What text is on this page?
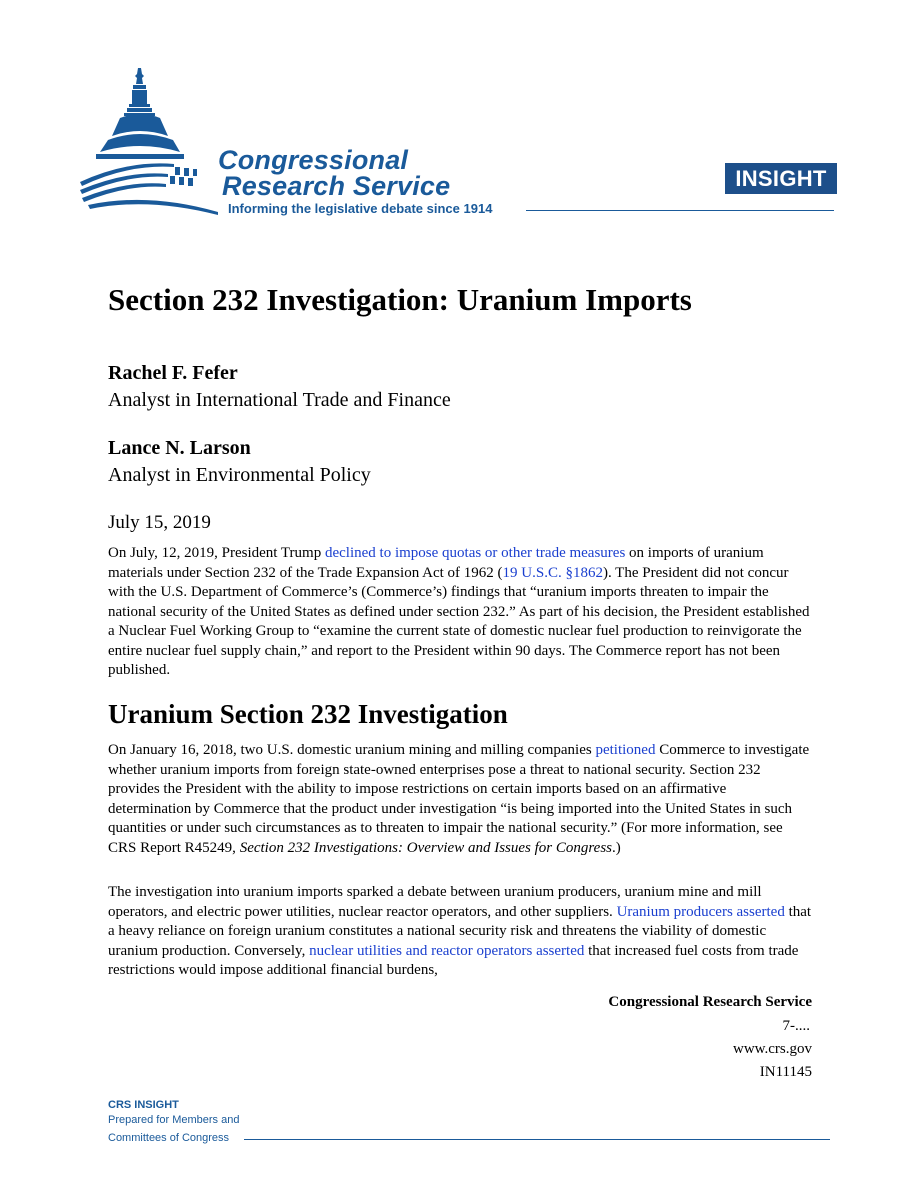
Congressional
Research Service
Informing the legislative debate since 1914
INSIGHT
Section 232 Investigation: Uranium Imports
Rachel F. Fefer
Analyst in International Trade and Finance
Lance N. Larson
Analyst in Environmental Policy
July 15, 2019

On July, 12, 2019, President Trump declined to impose quotas or other trade measures on imports of uranium materials under Section 232 of the Trade Expansion Act of 1962 (19 U.S.C. §1862). The President did not concur with the U.S. Department of Commerce’s (Commerce’s) findings that “uranium imports threaten to impair the national security of the United States as defined under section 232.” As part of his decision, the President established a Nuclear Fuel Working Group to “examine the current state of domestic nuclear fuel production to reinvigorate the entire nuclear fuel supply chain,” and report to the President within 90 days. The Commerce report has not been published.

Uranium Section 232 Investigation

On January 16, 2018, two U.S. domestic uranium mining and milling companies petitioned Commerce to investigate whether uranium imports from foreign state-owned enterprises pose a threat to national security. Section 232 provides the President with the ability to impose restrictions on certain imports based on an affirmative determination by Commerce that the product under investigation “is being imported into the United States in such quantities or under such circumstances as to threaten to impair the national security.” (For more information, see CRS Report R45249, Section 232 Investigations: Overview and Issues for Congress.)

The investigation into uranium imports sparked a debate between uranium producers, uranium mine and mill operators, and electric power utilities, nuclear reactor operators, and other suppliers. Uranium producers asserted that a heavy reliance on foreign uranium constitutes a national security risk and threatens the viability of domestic uranium production. Conversely, nuclear utilities and reactor operators asserted that increased fuel costs from trade restrictions would impose additional financial burdens,

Congressional Research Service
7-....
www.crs.gov
IN11145
CRS INSIGHT
Prepared for Members and
Committees of Congress
